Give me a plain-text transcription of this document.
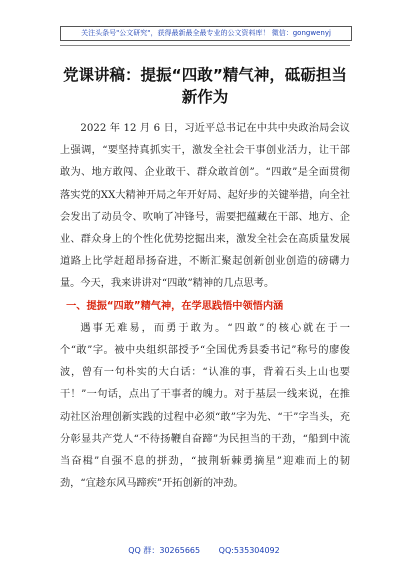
关注头条号"公文研究"，获得最新最全最专业的公文资料库！ 微信：gongwenyj
党课讲稿：提振“四敢”精气神，砥砺担当新作为

2022 年 12 月 6 日，习近平总书记在中共中央政治局会议上强调，“要坚持真抓实干，激发全社会干事创业活力，让干部敢为、地方敢闯、企业敢干、群众敢首创”。“四敢”是全面贯彻落实党的XX大精神开局之年开好局、起好步的关键举措，向全社会发出了动员令、吹响了冲锋号，需要把蕴藏在干部、地方、企业、群众身上的个性化优势挖掘出来，激发全社会在高质量发展道路上比学赶超昂扬奋进，不断汇聚起创新创业创造的磅礴力量。今天，我来讲讲对“四敢”精神的几点思考。

一、提振“四敢”精气神，在学思践悟中领悟内涵

遇事无难易，而勇于敢为。“四敢”的核心就在于一个“敢”字。被中央组织部授予“全国优秀县委书记”称号的廖俊波，曾有一句朴实的大白话：“认准的事，背着石头上山也要干！”一句话，点出了干事者的魄力。对于基层一线来说，在推动社区治理创新实践的过程中必须“敢”字为先、“干”字当头，充分彰显共产党人“不待扬鞭自奋蹄”为民担当的干劲，“船到中流当奋楫”自强不息的拼劲，“披荆斩棘勇摘星”迎难而上的韧劲，“宜趁东风马蹄疾”开拓创新的冲劲。

QQ 群：30265665 QQ:535304092
